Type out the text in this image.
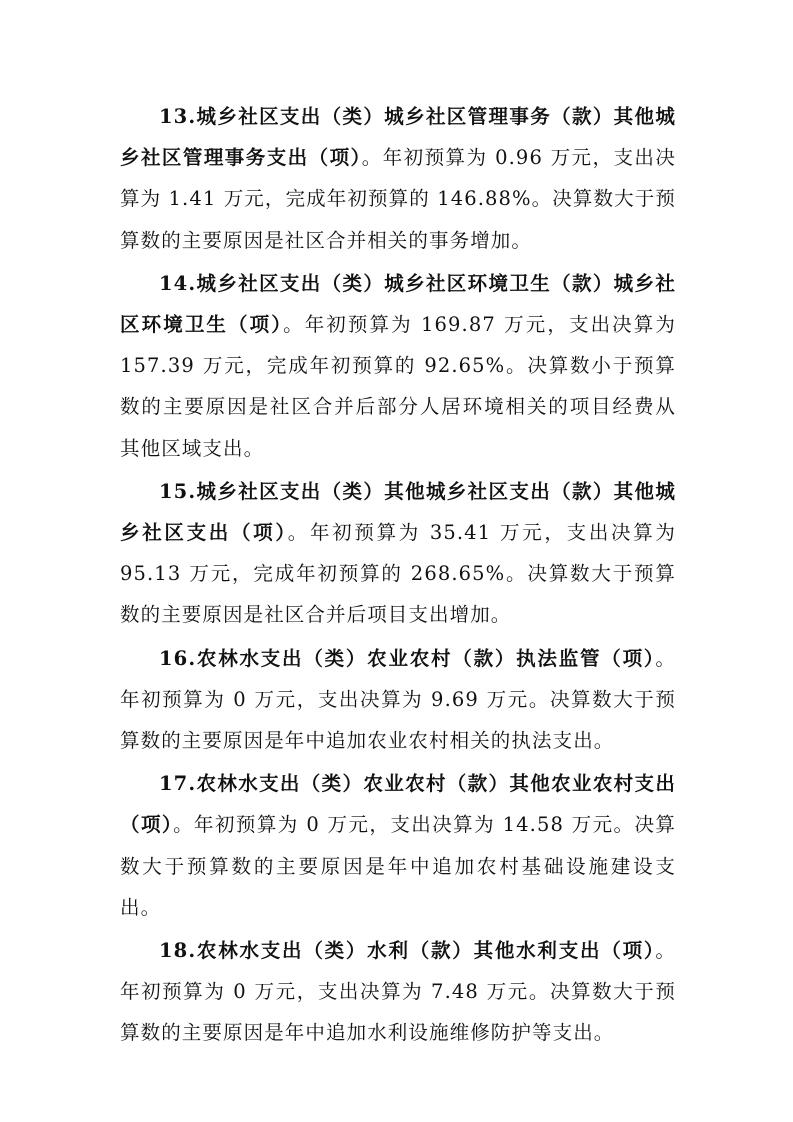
13.城乡社区支出（类）城乡社区管理事务（款）其他城乡社区管理事务支出（项）。年初预算为 0.96 万元，支出决算为 1.41 万元，完成年初预算的 146.88%。决算数大于预算数的主要原因是社区合并相关的事务增加。

14.城乡社区支出（类）城乡社区环境卫生（款）城乡社区环境卫生（项）。年初预算为 169.87 万元，支出决算为 157.39 万元，完成年初预算的 92.65%。决算数小于预算数的主要原因是社区合并后部分人居环境相关的项目经费从其他区域支出。

15.城乡社区支出（类）其他城乡社区支出（款）其他城乡社区支出（项）。年初预算为 35.41 万元，支出决算为 95.13 万元，完成年初预算的 268.65%。决算数大于预算数的主要原因是社区合并后项目支出增加。

16.农林水支出（类）农业农村（款）执法监管（项）。年初预算为 0 万元，支出决算为 9.69 万元。决算数大于预算数的主要原因是年中追加农业农村相关的执法支出。

17.农林水支出（类）农业农村（款）其他农业农村支出（项）。年初预算为 0 万元，支出决算为 14.58 万元。决算数大于预算数的主要原因是年中追加农村基础设施建设支出。

18.农林水支出（类）水利（款）其他水利支出（项）。年初预算为 0 万元，支出决算为 7.48 万元。决算数大于预算数的主要原因是年中追加水利设施维修防护等支出。
